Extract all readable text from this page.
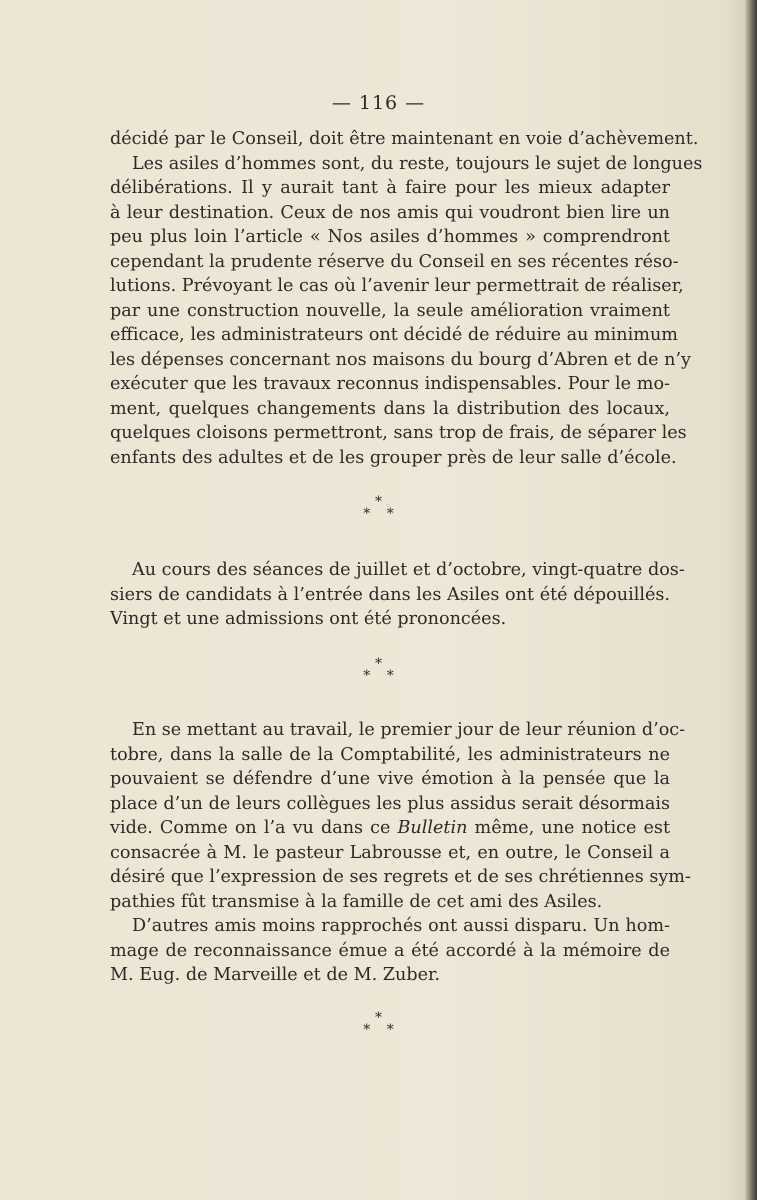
— 116 —
décidé par le Conseil, doit être maintenant en voie d’achèvement.
Les asiles d’hommes sont, du reste, toujours le sujet de longues
délibérations. Il y aurait tant à faire pour les mieux adapter
à leur destination. Ceux de nos amis qui voudront bien lire un
peu plus loin l’article « Nos asiles d’hommes » comprendront
cependant la prudente réserve du Conseil en ses récentes réso-
lutions. Prévoyant le cas où l’avenir leur permettrait de réaliser,
par une construction nouvelle, la seule amélioration vraiment
efficace, les administrateurs ont décidé de réduire au minimum
les dépenses concernant nos maisons du bourg d’Abren et de n’y
exécuter que les travaux reconnus indispensables. Pour le mo-
ment, quelques changements dans la distribution des locaux,
quelques cloisons permettront, sans trop de frais, de séparer les
enfants des adultes et de les grouper près de leur salle d’école.
*
* *
Au cours des séances de juillet et d’octobre, vingt-quatre dos-
siers de candidats à l’entrée dans les Asiles ont été dépouillés.
Vingt et une admissions ont été prononcées.
*
* *
En se mettant au travail, le premier jour de leur réunion d’oc-
tobre, dans la salle de la Comptabilité, les administrateurs ne
pouvaient se défendre d’une vive émotion à la pensée que la
place d’un de leurs collègues les plus assidus serait désormais
vide. Comme on l’a vu dans ce Bulletin même, une notice est
consacrée à M. le pasteur Labrousse et, en outre, le Conseil a
désiré que l’expression de ses regrets et de ses chrétiennes sym-
pathies fût transmise à la famille de cet ami des Asiles.
D’autres amis moins rapprochés ont aussi disparu. Un hom-
mage de reconnaissance émue a été accordé à la mémoire de
M. Eug. de Marveille et de M. Zuber.
*
* *
